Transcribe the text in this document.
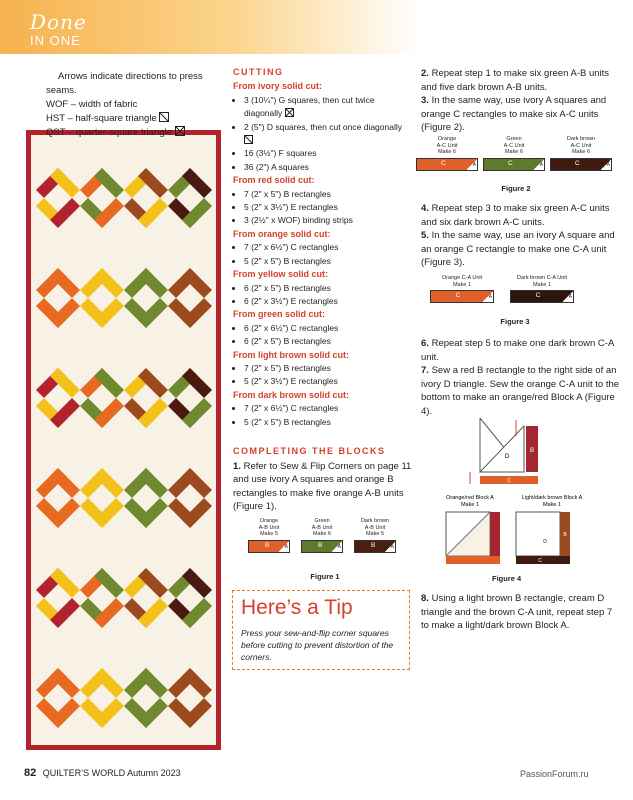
Done
IN ONE
Arrows indicate directions to press seams.
WOF – width of fabric
HST – half-square triangle
QST – quarter-square triangle
CUTTING
From ivory solid cut:
• 3 (10¼") G squares, then cut twice diagonally
• 2 (5") D squares, then cut once diagonally
• 16 (3½") F squares
• 36 (2") A squares
From red solid cut:
• 7 (2" x 5") B rectangles
• 5 (2" x 3½") E rectangles
• 3 (2½" x WOF) binding strips
From orange solid cut:
• 7 (2" x 6½") C rectangles
• 5 (2" x 5") B rectangles
From yellow solid cut:
• 6 (2" x 5") B rectangles
• 6 (2" x 3½") E rectangles
From green solid cut:
• 6 (2" x 6½") C rectangles
• 6 (2" x 5") B rectangles
From light brown solid cut:
• 7 (2" x 5") B rectangles
• 5 (2" x 3½") E rectangles
From dark brown solid cut:
• 7 (2" x 6½") C rectangles
• 5 (2" x 5") B rectangles
COMPLETING THE BLOCKS
1. Refer to Sew & Flip Corners on page 11 and use ivory A squares and orange B rectangles to make five orange A-B units (Figure 1).
Orange
A-B Unit
Make 5
B	A
Green
A-B Unit
Make 6
B	A
Dark brown
A-B Unit
Make 5
B	A
Figure 1
Here’s a Tip
Press your sew-and-flip corner squares before cutting to prevent distortion of the corners.
2. Repeat step 1 to make six green A-B units and five dark brown A-B units.
3. In the same way, use ivory A squares and orange C rectangles to make six A-C units (Figure 2).
Orange
A-C Unit
Make 6
C	A
Green
A-C Unit
Make 6
C	A
Dark brown
A-C Unit
Make 6
C	A
Figure 2
4. Repeat step 3 to make six green A-C units and six dark brown A-C units.
5. In the same way, use an ivory A square and an orange C rectangle to make one C-A unit (Figure 3).
Orange C-A Unit
Make 1
C	A
Dark brown C-A Unit
Make 1
C	A
Figure 3
6. Repeat step 5 to make one dark brown C-A unit.
7. Sew a red B rectangle to the right side of an ivory D triangle. Sew the orange C-A unit to the bottom to make an orange/red Block A (Figure 4).
B
D
C
Orange/red Block A
Make 1
Light/dark brown Block A
Make 1
B
D
C
Figure 4
8. Using a light brown B rectangle, cream D triangle and the brown C-A unit, repeat step 7 to make a light/dark brown Block A.
82 QUILTER’S WORLD Autumn 2023	PassionForum.ru
